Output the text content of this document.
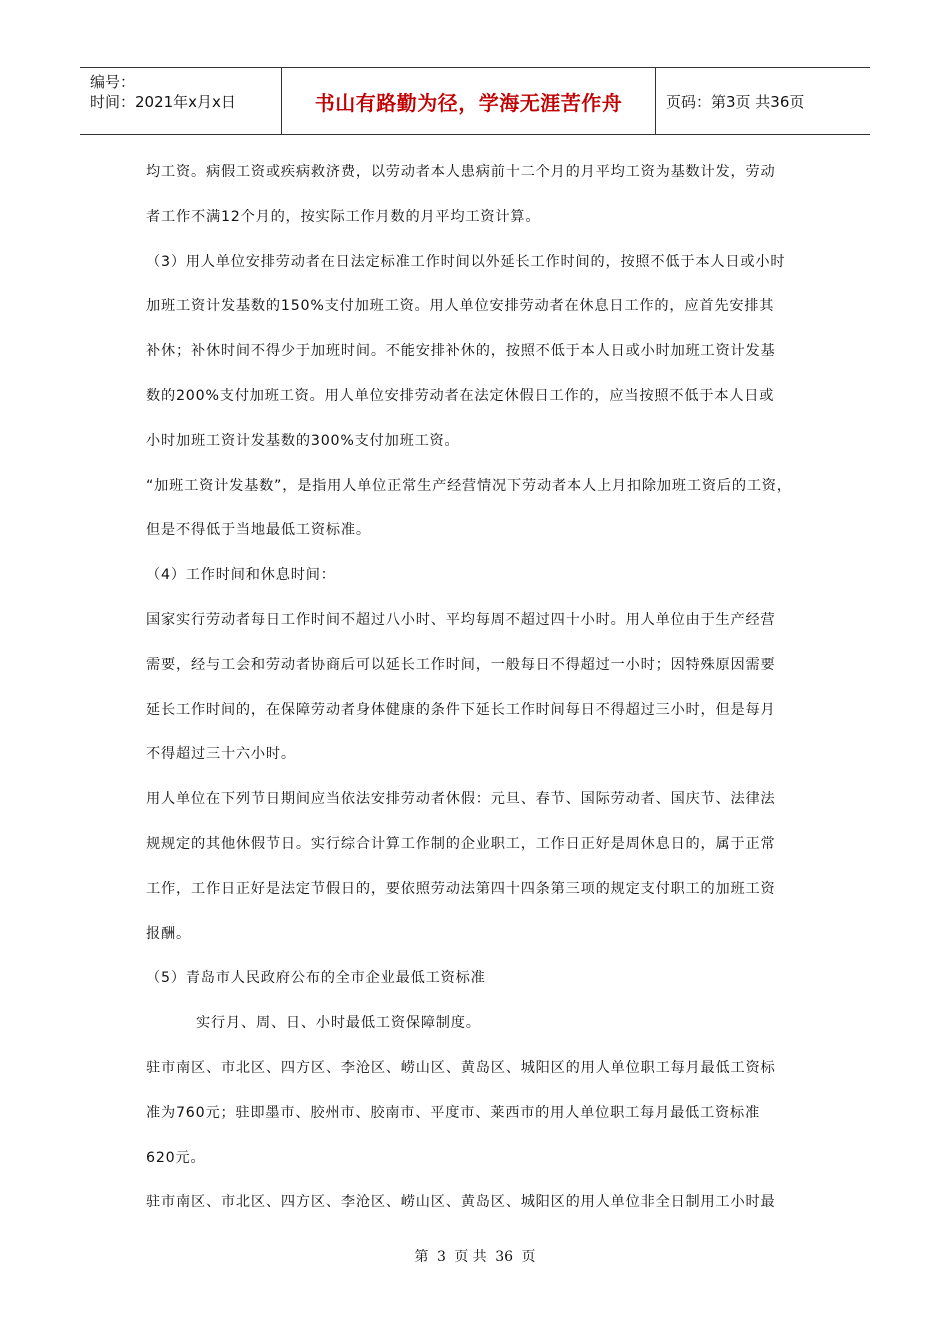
编号：
时间：2021年x月x日	书山有路勤为径，学海无涯苦作舟	页码：第3页 共36页
均工资。病假工资或疾病救济费，以劳动者本人患病前十二个月的月平均工资为基数计发，劳动
者工作不满12个月的，按实际工作月数的月平均工资计算。
（3）用人单位安排劳动者在日法定标准工作时间以外延长工作时间的，按照不低于本人日或小时
加班工资计发基数的150%支付加班工资。用人单位安排劳动者在休息日工作的，应首先安排其
补休；补休时间不得少于加班时间。不能安排补休的，按照不低于本人日或小时加班工资计发基
数的200%支付加班工资。用人单位安排劳动者在法定休假日工作的，应当按照不低于本人日或
小时加班工资计发基数的300%支付加班工资。
“加班工资计发基数”，是指用人单位正常生产经营情况下劳动者本人上月扣除加班工资后的工资，
但是不得低于当地最低工资标准。
（4）工作时间和休息时间：
国家实行劳动者每日工作时间不超过八小时、平均每周不超过四十小时。用人单位由于生产经营
需要，经与工会和劳动者协商后可以延长工作时间，一般每日不得超过一小时；因特殊原因需要
延长工作时间的，在保障劳动者身体健康的条件下延长工作时间每日不得超过三小时，但是每月
不得超过三十六小时。
用人单位在下列节日期间应当依法安排劳动者休假：元旦、春节、国际劳动者、国庆节、法律法
规规定的其他休假节日。实行综合计算工作制的企业职工，工作日正好是周休息日的，属于正常
工作，工作日正好是法定节假日的，要依照劳动法第四十四条第三项的规定支付职工的加班工资
报酬。
（5）青岛市人民政府公布的全市企业最低工资标准
实行月、周、日、小时最低工资保障制度。
驻市南区、市北区、四方区、李沧区、崂山区、黄岛区、城阳区的用人单位职工每月最低工资标
准为760元；驻即墨市、胶州市、胶南市、平度市、莱西市的用人单位职工每月最低工资标准
620元。
驻市南区、市北区、四方区、李沧区、崂山区、黄岛区、城阳区的用人单位非全日制用工小时最
第 3 页 共 36 页
